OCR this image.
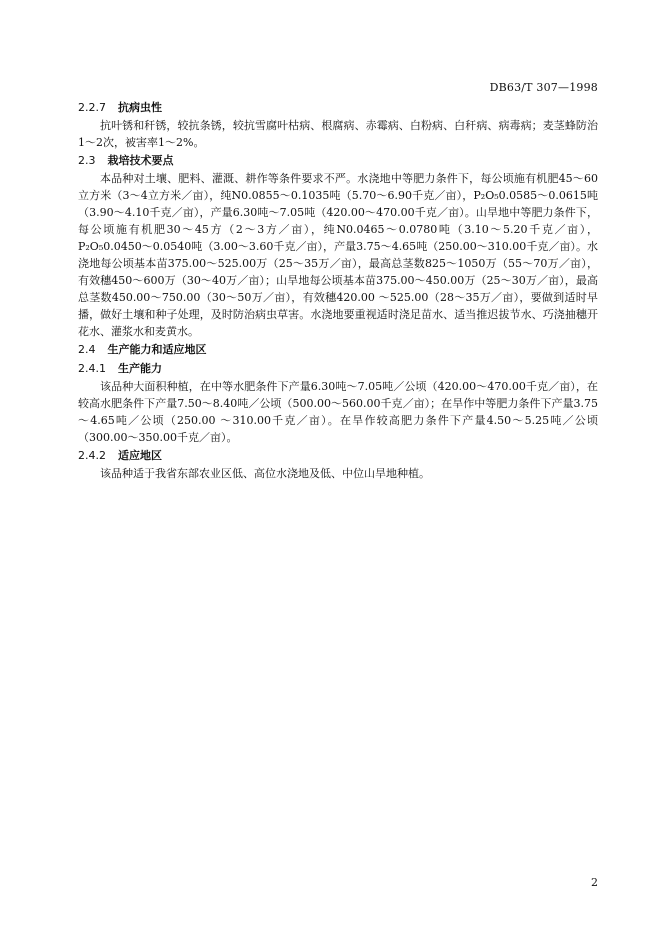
DB63/T 307—1998
2.2.7 抗病虫性

抗叶锈和秆锈，较抗条锈，较抗雪腐叶枯病、根腐病、赤霉病、白粉病、白秆病、病毒病；麦茎蜂防治1～2次，被害率1～2%。

2.3 栽培技术要点

本品种对土壤、肥料、灌溉、耕作等条件要求不严。水浇地中等肥力条件下，每公顷施有机肥45～60立方米（3～4立方米／亩），纯N0.0855～0.1035吨（5.70～6.90千克／亩），P₂O₅0.0585～0.0615吨（3.90～4.10千克／亩），产量6.30吨～7.05吨（420.00～470.00千克／亩）。山旱地中等肥力条件下，每公顷施有机肥30～45方（2～3方／亩），纯N0.0465～0.0780吨（3.10～5.20千克／亩），P₂O₅0.0450～0.0540吨（3.00～3.60千克／亩），产量3.75～4.65吨（250.00～310.00千克／亩）。水浇地每公顷基本苗375.00～525.00万（25～35万／亩），最高总茎数825～1050万（55～70万／亩），有效穗450～600万（30～40万／亩）；山旱地每公顷基本苗375.00～450.00万（25～30万／亩），最高总茎数450.00～750.00（30～50万／亩），有效穗420.00 ～525.00（28～35万／亩），要做到适时早播，做好土壤和种子处理，及时防治病虫草害。水浇地要重视适时浇足苗水、适当推迟拔节水、巧浇抽穗开花水、灌浆水和麦黄水。

2.4 生产能力和适应地区
2.4.1 生产能力

该品种大面积种植，在中等水肥条件下产量6.30吨～7.05吨／公顷（420.00～470.00千克／亩），在较高水肥条件下产量7.50～8.40吨／公顷（500.00～560.00千克／亩）；在旱作中等肥力条件下产量3.75～4.65吨／公顷（250.00 ～310.00千克／亩）。在旱作较高肥力条件下产量4.50～5.25吨／公顷（300.00～350.00千克／亩）。

2.4.2 适应地区

该品种适于我省东部农业区低、高位水浇地及低、中位山旱地种植。

2
